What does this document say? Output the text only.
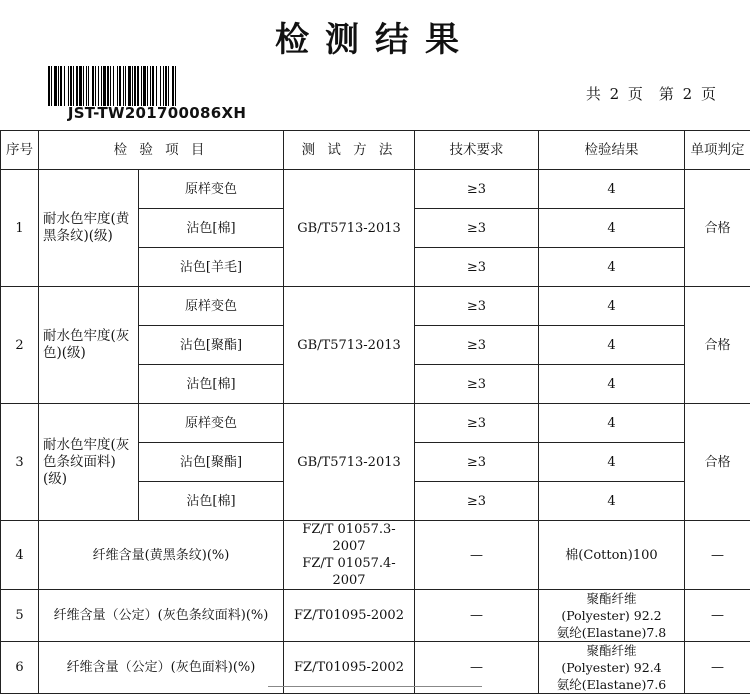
检测结果
JST-TW201700086XH
共 2 页 第 2 页
序号	检 验 项 目		测 试 方 法	技术要求	检验结果	单项判定
1	耐水色牢度(黄黑条纹)(级)	原样变色	GB/T5713-2013	≥3	4	合格
		沾色[棉]		≥3	4	
		沾色[羊毛]		≥3	4	
2	耐水色牢度(灰色)(级)	原样变色	GB/T5713-2013	≥3	4	合格
		沾色[聚酯]		≥3	4	
		沾色[棉]		≥3	4	
3	耐水色牢度(灰色条纹面料)(级)	原样变色	GB/T5713-2013	≥3	4	合格
		沾色[聚酯]		≥3	4	
		沾色[棉]		≥3	4	
4	纤维含量(黄黑条纹)(%)		FZ/T 01057.3-2007
FZ/T 01057.4-2007	—	棉(Cotton)100	—
5	纤维含量（公定）(灰色条纹面料)(%)		FZ/T01095-2002	—	聚酯纤维
(Polyester) 92.2
氨纶(Elastane)7.8	—
6	纤维含量（公定）(灰色面料)(%)		FZ/T01095-2002	—	聚酯纤维
(Polyester) 92.4
氨纶(Elastane)7.6	—
